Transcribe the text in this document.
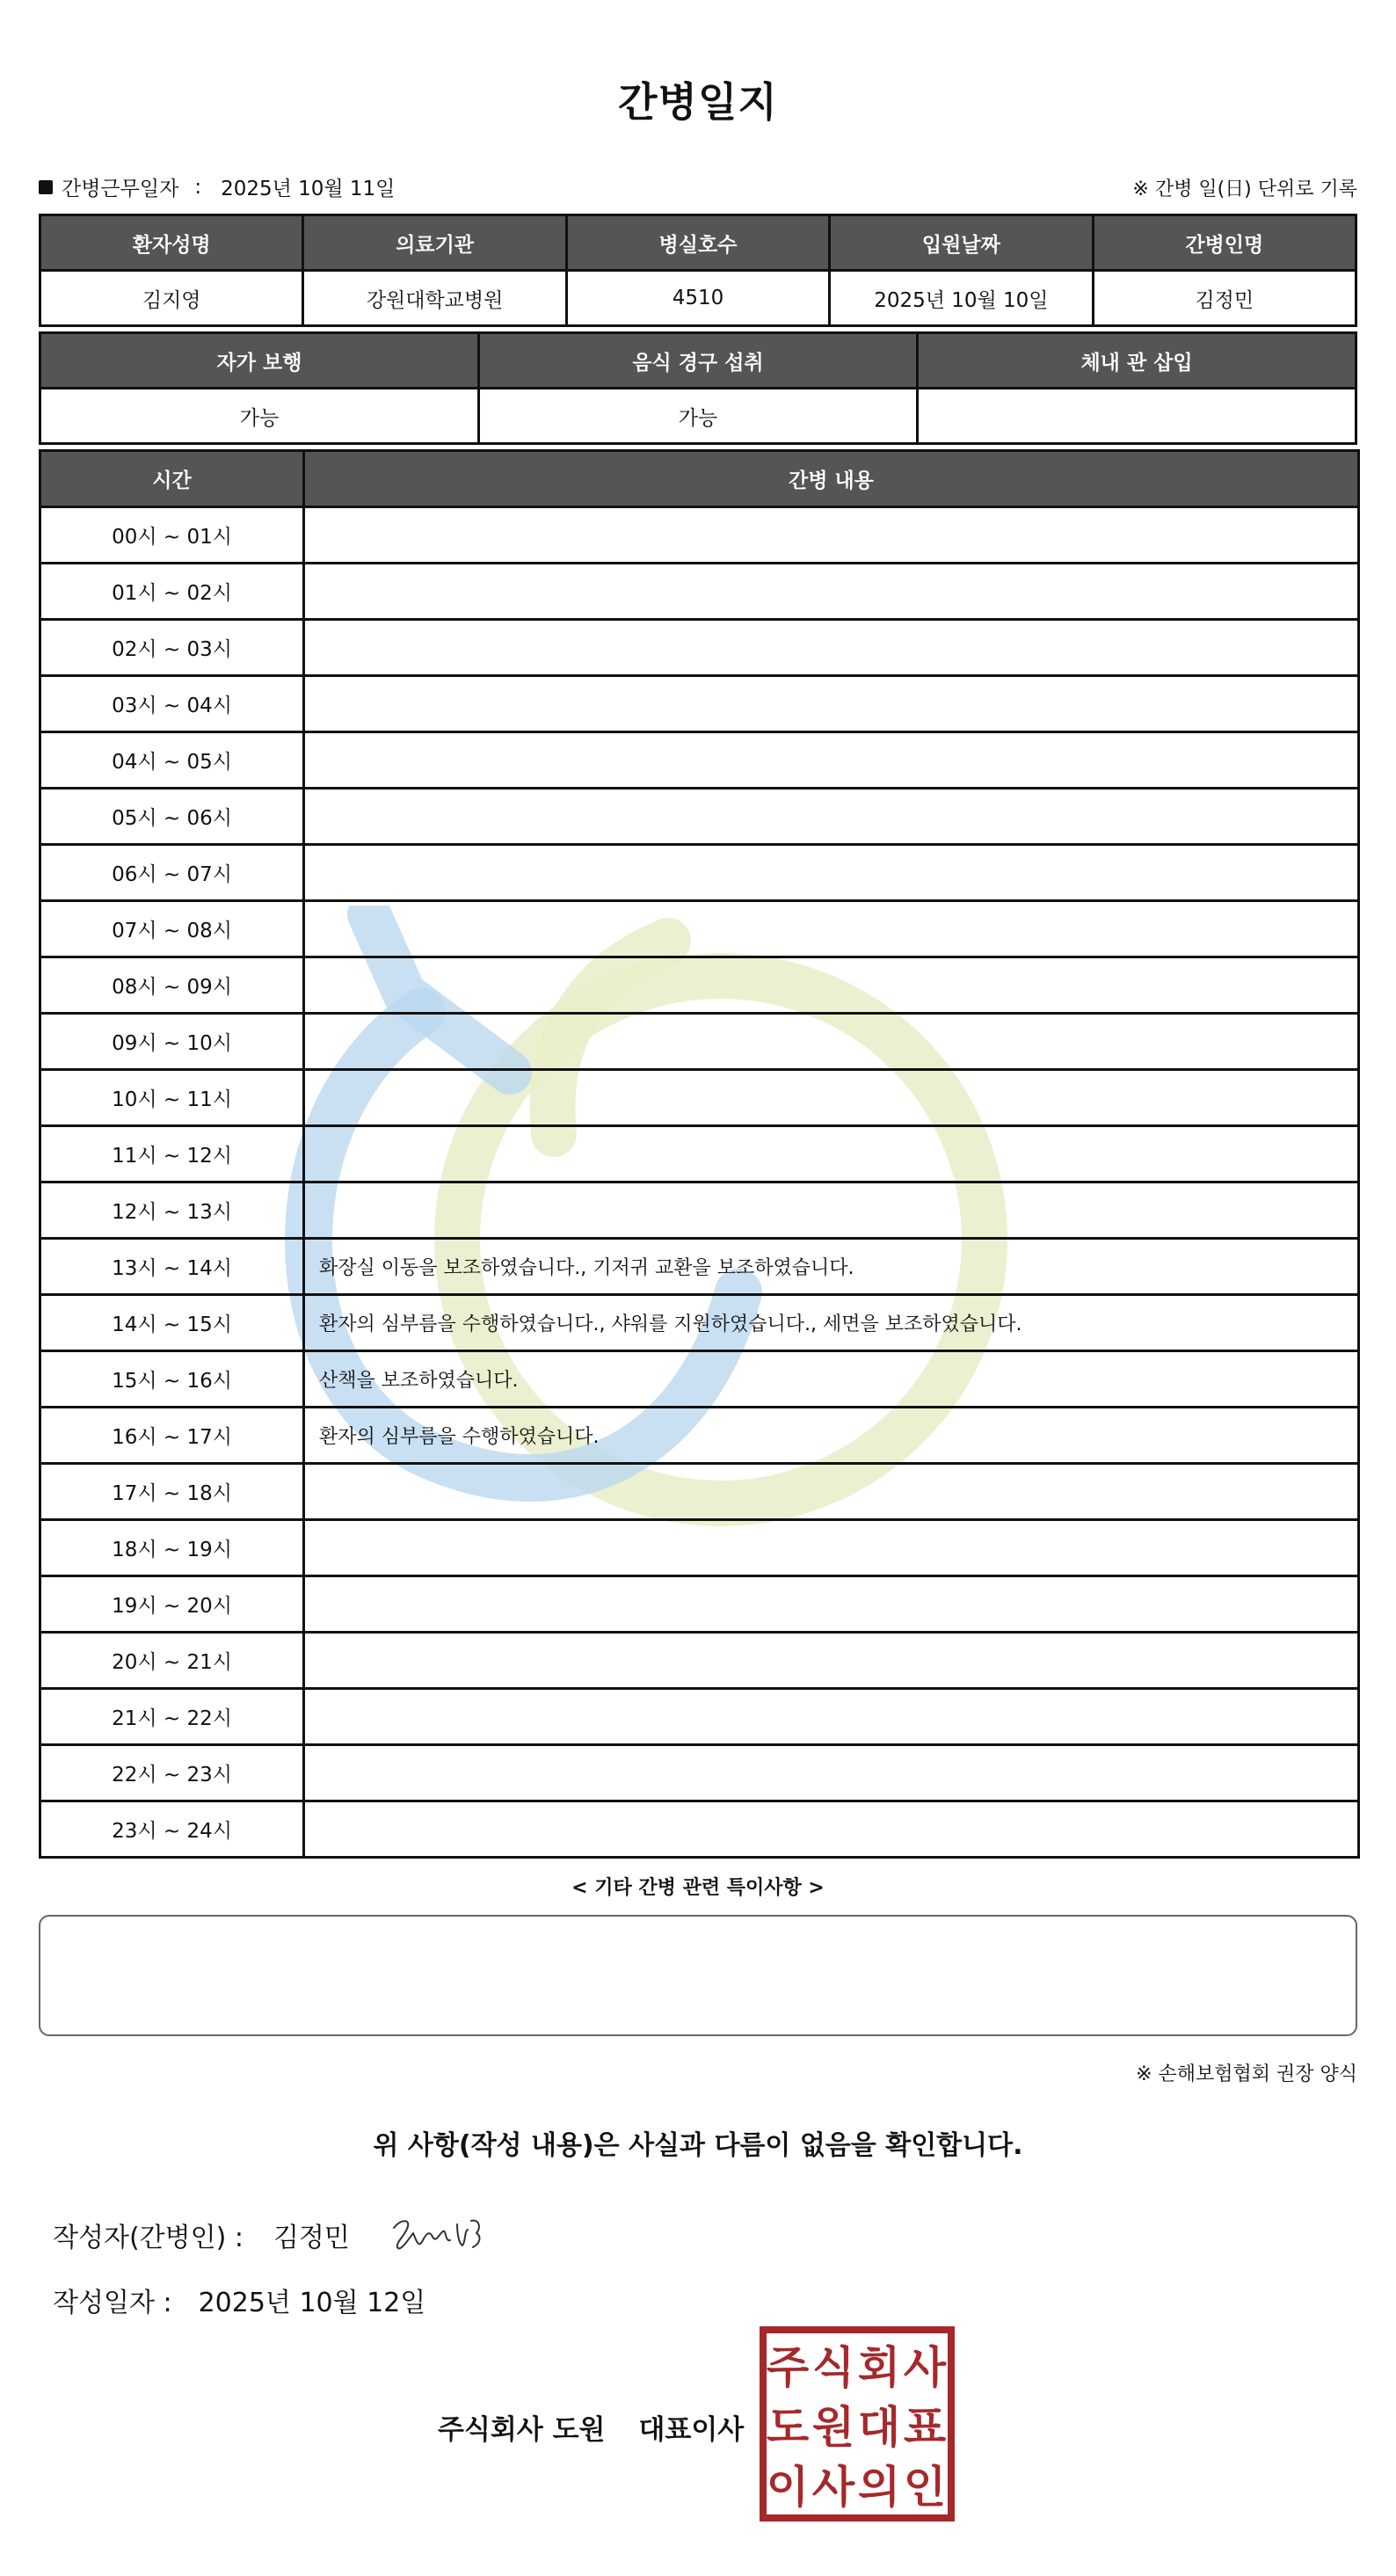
간병일지
간병근무일자 : 2025년 10월 11일	※ 간병 일(日) 단위로 기록
환자성명	의료기관	병실호수	입원날짜	간병인명
김지영	강원대학교병원	4510	2025년 10월 10일	김정민
자가 보행	음식 경구 섭취	체내 관 삽입
가능	가능	
시간	간병 내용
00시 ~ 01시	
01시 ~ 02시	
02시 ~ 03시	
03시 ~ 04시	
04시 ~ 05시	
05시 ~ 06시	
06시 ~ 07시	
07시 ~ 08시	
08시 ~ 09시	
09시 ~ 10시	
10시 ~ 11시	
11시 ~ 12시	
12시 ~ 13시	
13시 ~ 14시	화장실 이동을 보조하였습니다., 기저귀 교환을 보조하였습니다.
14시 ~ 15시	환자의 심부름을 수행하였습니다., 샤워를 지원하였습니다., 세면을 보조하였습니다.
15시 ~ 16시	산책을 보조하였습니다.
16시 ~ 17시	환자의 심부름을 수행하였습니다.
17시 ~ 18시	
18시 ~ 19시	
19시 ~ 20시	
20시 ~ 21시	
21시 ~ 22시	
22시 ~ 23시	
23시 ~ 24시	
< 기타 간병 관련 특이사항 >
※ 손해보험협회 권장 양식
위 사항(작성 내용)은 사실과 다름이 없음을 확인합니다.
작성자(간병인) : 김정민
작성일자 : 2025년 10월 12일
주식회사 도원 대표이사
주 식 회 사
도 원 대 표
이 사 의 인
